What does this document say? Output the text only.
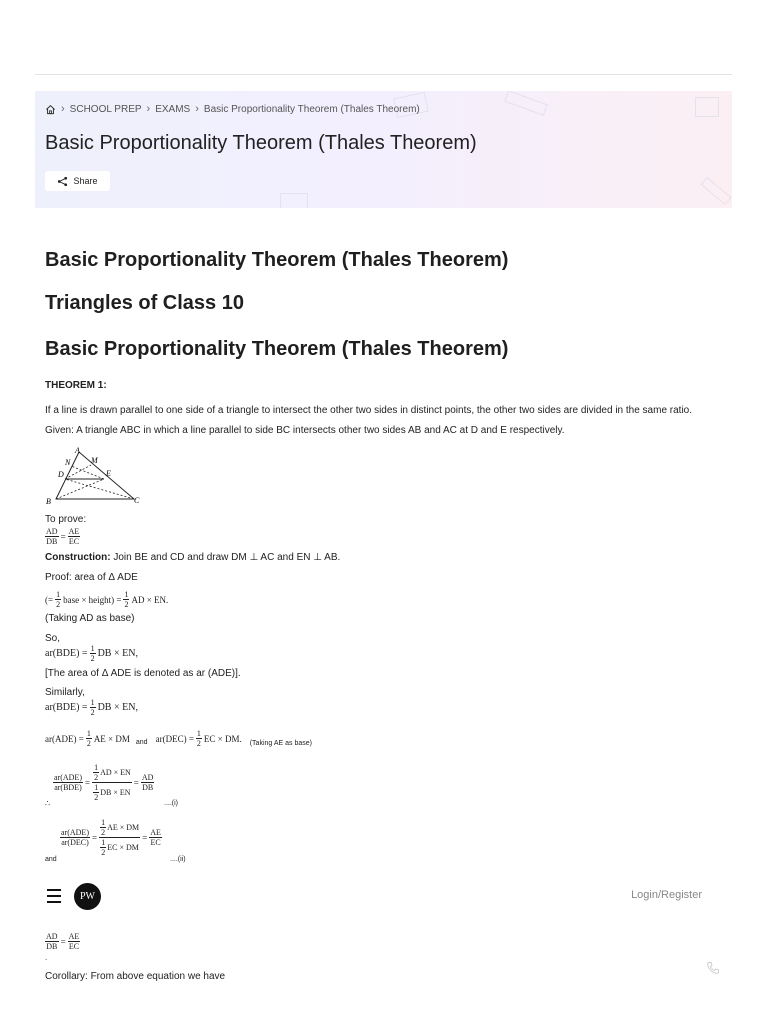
› SCHOOL PREP › EXAMS › Basic Proportionality Theorem (Thales Theorem)
Basic Proportionality Theorem (Thales Theorem)
Share
Basic Proportionality Theorem (Thales Theorem)
Triangles of Class 10
Basic Proportionality Theorem (Thales Theorem)
THEOREM 1:
If a line is drawn parallel to one side of a triangle to intersect the other two sides in distinct points, the other two sides are divided in the same ratio.
Given: A triangle ABC in which a line parallel to side BC intersects other two sides AB and AC at D and E respectively.
A
N	M
D	E
B	C
To prove:
$\frac{AD}{DB} = \frac{AE}{EC}$
Construction: Join BE and CD and draw DM ⊥ AC and EN ⊥ AB.
Proof: area of Δ ADE
(= $\frac{1}{2}$ base × height) = $\frac{1}{2}$ AD × EN.
(Taking AD as base)
So,
$ar(BDE) = \frac{1}{2}$ DB × EN,
[The area of Δ ADE is denoted as ar (ADE)].
Similarly,
$ar(BDE) = \frac{1}{2}$ DB × EN,
$ar(ADE) = \frac{1}{2}$ AE × DM and $ar(DEC) = \frac{1}{2}$ EC × DM. (Taking AE as base)
$\frac{\text{ar(ADE)}}{\text{ar(BDE)}} = \frac{\frac{1}{2} AD \times EN}{\frac{1}{2} DB \times EN} = \frac{AD}{DB}$
∴	....(i)
$\frac{\text{ar(ADE)}}{\text{ar(DEC)}} = \frac{\frac{1}{2} AE \times DM}{\frac{1}{2} EC \times DM} = \frac{AE}{EC}$
and	....(ii)
PW	Login/Register
$\frac{AD}{DB} = \frac{AE}{EC}$
.
Corollary: From above equation we have
